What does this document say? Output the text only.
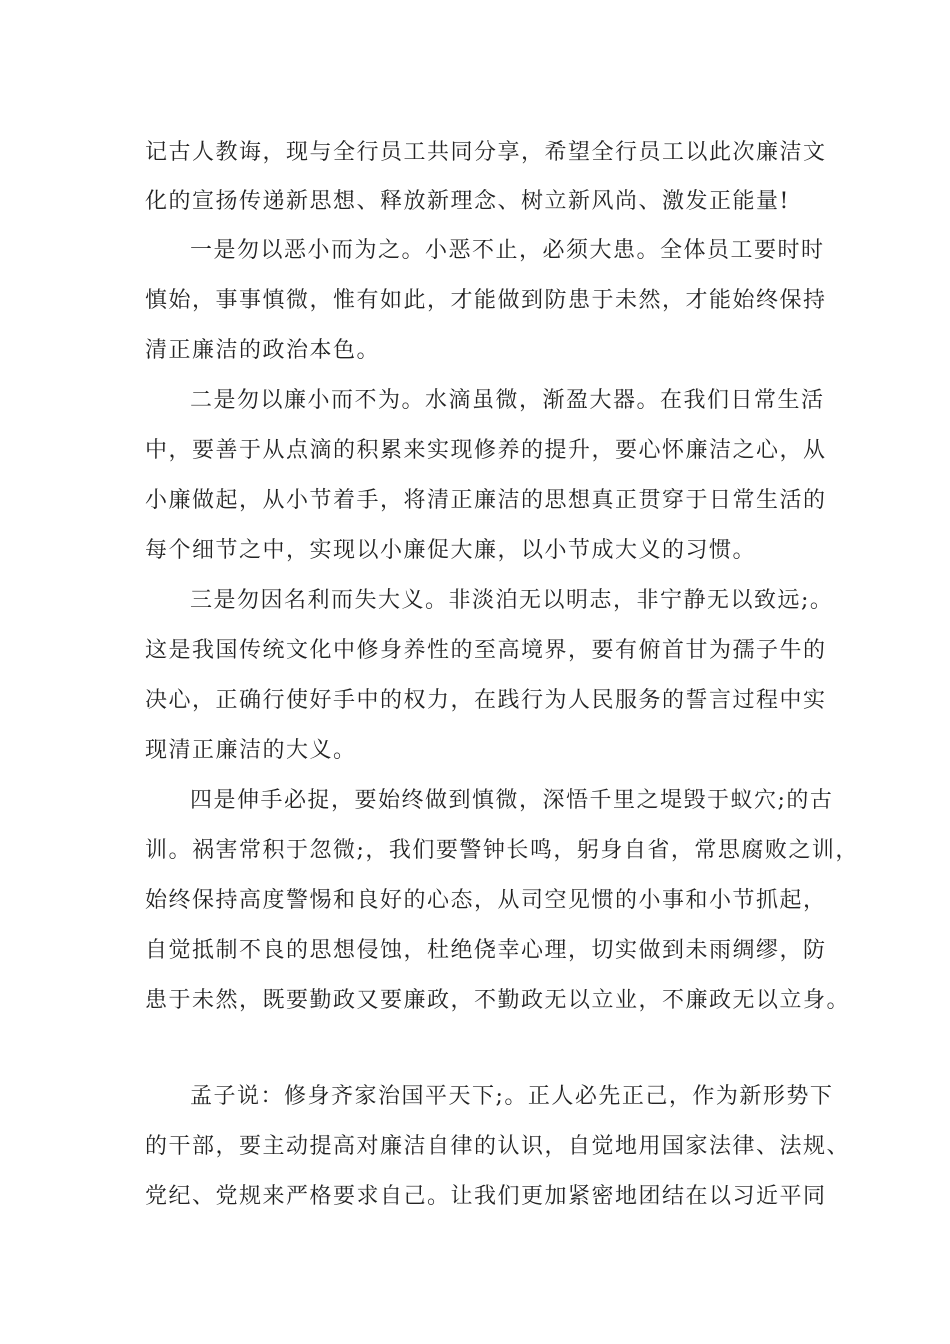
记古人教诲，现与全行员工共同分享，希望全行员工以此次廉洁文
化的宣扬传递新思想、释放新理念、树立新风尚、激发正能量!
一是勿以恶小而为之。小恶不止，必须大患。全体员工要时时
慎始，事事慎微，惟有如此，才能做到防患于未然，才能始终保持
清正廉洁的政治本色。
二是勿以廉小而不为。水滴虽微，渐盈大器。在我们日常生活
中，要善于从点滴的积累来实现修养的提升，要心怀廉洁之心，从
小廉做起，从小节着手，将清正廉洁的思想真正贯穿于日常生活的
每个细节之中，实现以小廉促大廉，以小节成大义的习惯。
三是勿因名利而失大义。非淡泊无以明志，非宁静无以致远;。
这是我国传统文化中修身养性的至高境界，要有俯首甘为孺子牛的
决心，正确行使好手中的权力，在践行为人民服务的誓言过程中实
现清正廉洁的大义。
四是伸手必捉，要始终做到慎微，深悟千里之堤毁于蚁穴;的古
训。祸害常积于忽微;，我们要警钟长鸣，躬身自省，常思腐败之训，
始终保持高度警惕和良好的心态，从司空见惯的小事和小节抓起，
自觉抵制不良的思想侵蚀，杜绝侥幸心理，切实做到未雨绸缪，防
患于未然，既要勤政又要廉政，不勤政无以立业，不廉政无以立身。
孟子说：修身齐家治国平天下;。正人必先正己，作为新形势下
的干部，要主动提高对廉洁自律的认识，自觉地用国家法律、法规、
党纪、党规来严格要求自己。让我们更加紧密地团结在以习近平同
